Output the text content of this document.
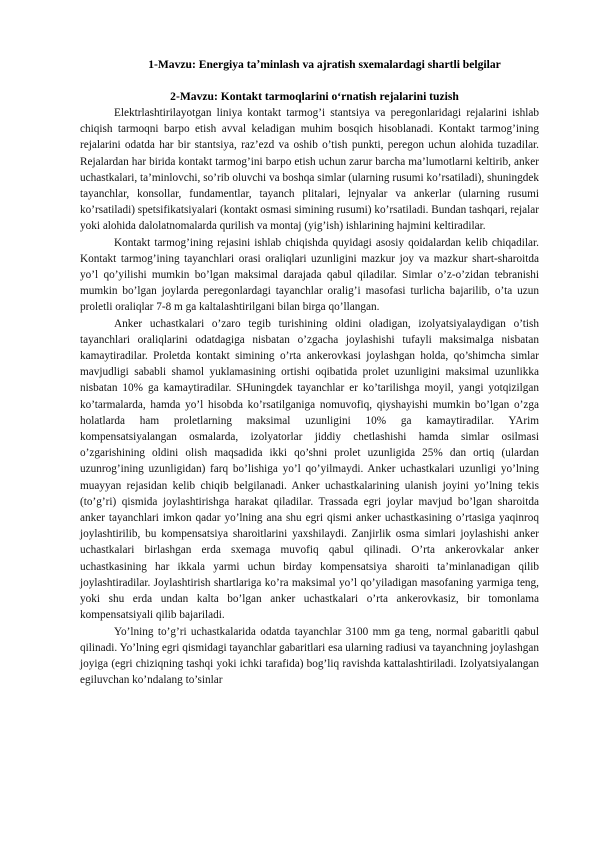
1-Mavzu: Energiya taʼminlash va ajratish sxemalardagi shartli belgilar
2-Mavzu: Kontakt tarmoqlarini oʻrnatish rejalarini tuzish

Elektrlashtirilayotgan liniya kontakt tarmog’i stantsiya va peregonlaridagi rejalarini ishlab chiqish tarmoqni barpo etish avval keladigan muhim bosqich hisoblanadi. Kontakt tarmog’ining rejalarini odatda har bir stantsiya, raz’ezd va oshib o’tish punkti, peregon uchun alohida tuzadilar. Rejalardan har birida kontakt tarmog’ini barpo etish uchun zarur barcha ma’lumotlarni keltirib, anker uchastkalari, ta’minlovchi, so’rib oluvchi va boshqa simlar (ularning rusumi ko’rsatiladi), shuningdek tayanchlar, konsollar, fundamentlar, tayanch plitalari, lejnyalar va ankerlar (ularning rusumi ko’rsatiladi) spetsifikatsiyalari (kontakt osmasi simining rusumi) ko’rsatiladi. Bundan tashqari, rejalar yoki alohida dalolatnomalarda qurilish va montaj (yig’ish) ishlarining hajmini keltiradilar.

Kontakt tarmog’ining rejasini ishlab chiqishda quyidagi asosiy qoidalardan kelib chiqadilar. Kontakt tarmog’ining tayanchlari orasi oraliqlari uzunligini mazkur joy va mazkur shart-sharoitda yo’l qo’yilishi mumkin bo’lgan maksimal darajada qabul qiladilar. Simlar o’z-o’zidan tebranishi mumkin bo’lgan joylarda peregonlardagi tayanchlar oralig’i masofasi turlicha bajarilib, o’ta uzun proletli oraliqlar 7-8 m ga kaltalashtirilgani bilan birga qo’llangan.

Anker uchastkalari o’zaro tegib turishining oldini oladigan, izolyatsiyalaydigan o’tish tayanchlari oraliqlarini odatdagiga nisbatan o’zgacha joylashishi tufayli maksimalga nisbatan kamaytiradilar. Proletda kontakt simining o’rta ankerovkasi joylashgan holda, qo’shimcha simlar mavjudligi sababli shamol yuklamasining ortishi oqibatida prolet uzunligini maksimal uzunlikka nisbatan 10% ga kamaytiradilar. SHuningdek tayanchlar er ko’tarilishga moyil, yangi yotqizilgan ko’tarmalarda, hamda yo’l hisobda ko’rsatilganiga nomuvofiq, qiyshayishi mumkin bo’lgan o’zga holatlarda ham proletlarning maksimal uzunligini 10% ga kamaytiradilar. YArim kompensatsiyalangan osmalarda, izolyatorlar jiddiy chetlashishi hamda simlar osilmasi o’zgarishining oldini olish maqsadida ikki qo’shni prolet uzunligida 25% dan ortiq (ulardan uzunrog’ining uzunligidan) farq bo’lishiga yo’l qo’yilmaydi. Anker uchastkalari uzunligi yo’lning muayyan rejasidan kelib chiqib belgilanadi. Anker uchastkalarining ulanish joyini yo’lning tekis (to’g’ri) qismida joylashtirishga harakat qiladilar. Trassada egri joylar mavjud bo’lgan sharoitda anker tayanchlari imkon qadar yo’lning ana shu egri qismi anker uchastkasining o’rtasiga yaqinroq joylashtirilib, bu kompensatsiya sharoitlarini yaxshilaydi. Zanjirlik osma simlari joylashishi anker uchastkalari birlashgan erda sxemaga muvofiq qabul qilinadi. O’rta ankerovkalar anker uchastkasining har ikkala yarmi uchun birday kompensatsiya sharoiti ta’minlanadigan qilib joylashtiradilar. Joylashtirish shartlariga ko’ra maksimal yo’l qo’yiladigan masofaning yarmiga teng, yoki shu erda undan kalta bo’lgan anker uchastkalari o’rta ankerovkasiz, bir tomonlama kompensatsiyali qilib bajariladi.

Yo’lning to’g’ri uchastkalarida odatda tayanchlar 3100 mm ga teng, normal gabaritli qabul qilinadi. Yo’lning egri qismidagi tayanchlar gabaritlari esa ularning radiusi va tayanchning joylashgan joyiga (egri chiziqning tashqi yoki ichki tarafida) bog’liq ravishda kattalashtiriladi. Izolyatsiyalangan egiluvchan ko’ndalang to’sinlar
